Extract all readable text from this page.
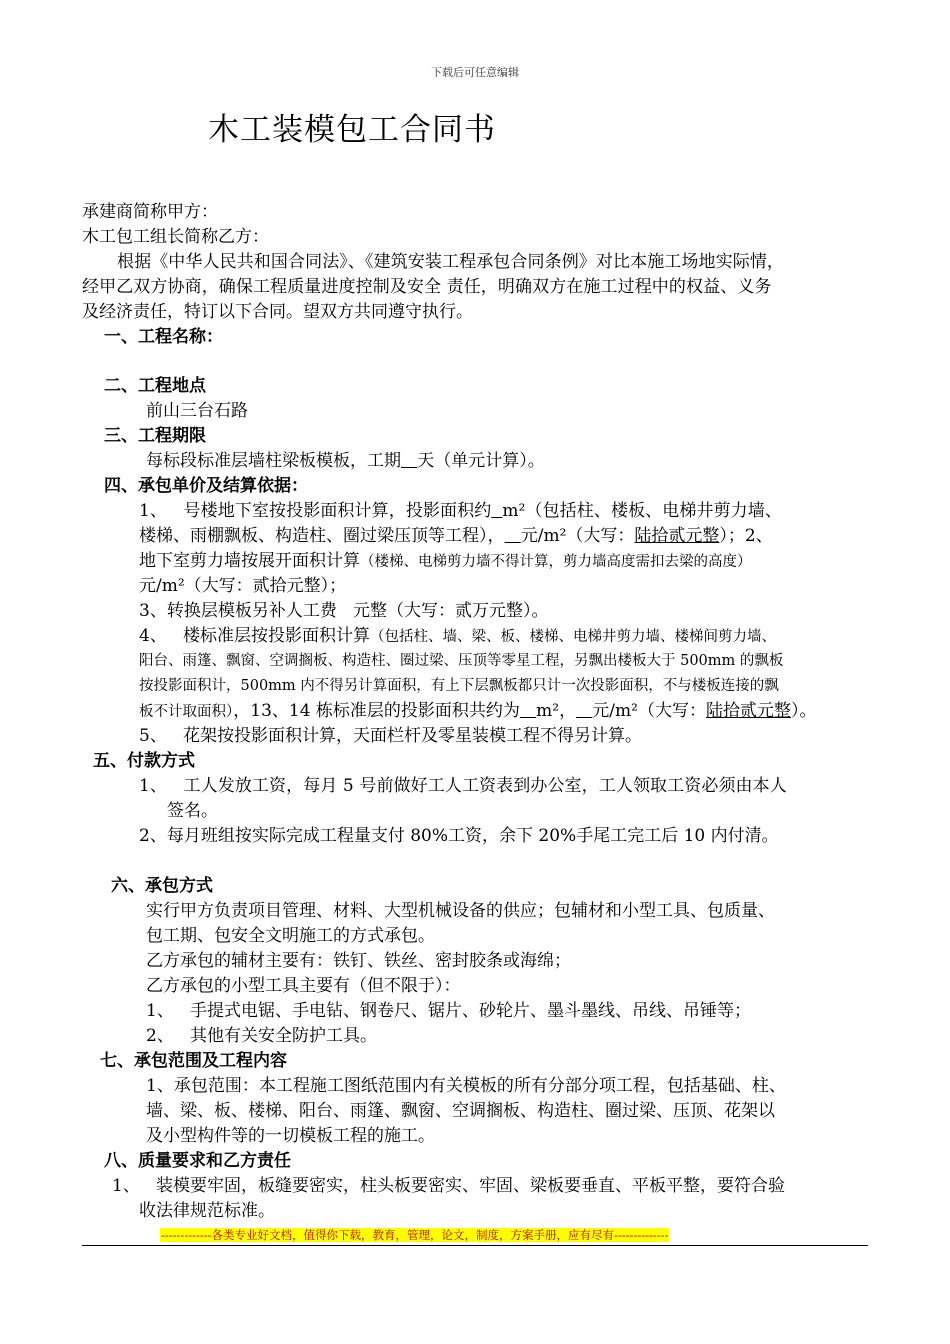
下载后可任意编辑
木工装模包工合同书
承建商简称甲方：
木工包工组长简称乙方：
根据《中华人民共和国合同法》、《建筑安装工程承包合同条例》对比本施工场地实际情，
经甲乙双方协商，确保工程质量进度控制及安全 责任，明确双方在施工过程中的权益、义务
及经济责任，特订以下合同。望双方共同遵守执行。
一、工程名称：
二、工程地点
前山三台石路
三、工程期限
每标段标准层墙柱梁板模板，工期 天（单元计算）。
四、承包单价及结算依据：
1、   号楼地下室按投影面积计算，投影面积约 m²（包括柱、楼板、电梯井剪力墙、
楼梯、雨棚飘板、构造柱、圈过梁压顶等工程）， 元/m²（大写：陆拾贰元整）；2、
地下室剪力墙按展开面积计算（楼梯、电梯剪力墙不得计算，剪力墙高度需扣去梁的高度）
元/m²（大写：贰拾元整）；
3、转换层模板另补人工费   元整（大写：贰万元整）。
4、   楼标准层按投影面积计算（包括柱、墙、梁、板、楼梯、电梯井剪力墙、楼梯间剪力墙、
阳台、雨篷、飘窗、空调搁板、构造柱、圈过梁、压顶等零星工程，另飘出楼板大于 500mm 的飘板
按投影面积计，500mm 内不得另计算面积，有上下层飘板都只计一次投影面积，不与楼板连接的飘
板不计取面积），13、14 栋标准层的投影面积共约为 m²， 元/m²（大写：陆拾贰元整）。
5、   花架按投影面积计算，天面栏杆及零星装模工程不得另计算。
五、付款方式
1、   工人发放工资，每月 5 号前做好工人工资表到办公室，工人领取工资必须由本人
签名。
2、每月班组按实际完成工程量支付 80%工资，余下 20%手尾工完工后 10 内付清。
六、承包方式
实行甲方负责项目管理、材料、大型机械设备的供应；包辅材和小型工具、包质量、
包工期、包安全文明施工的方式承包。
乙方承包的辅材主要有：铁钉、铁丝、密封胶条或海绵；
乙方承包的小型工具主要有（但不限于）：
1、   手提式电锯、手电钻、钢卷尺、锯片、砂轮片、墨斗墨线、吊线、吊锤等；
2、   其他有关安全防护工具。
七、承包范围及工程内容
1、承包范围：本工程施工图纸范围内有关模板的所有分部分项工程，包括基础、柱、
墙、梁、板、楼梯、阳台、雨篷、飘窗、空调搁板、构造柱、圈过梁、压顶、花架以
及小型构件等的一切模板工程的施工。
八、质量要求和乙方责任
1、   装模要牢固，板缝要密实，柱头板要密实、牢固、梁板要垂直、平板平整，要符合验
收法律规范标准。
-------------各类专业好文档，值得你下载，教育，管理，论文，制度，方案手册，应有尽有--------------
